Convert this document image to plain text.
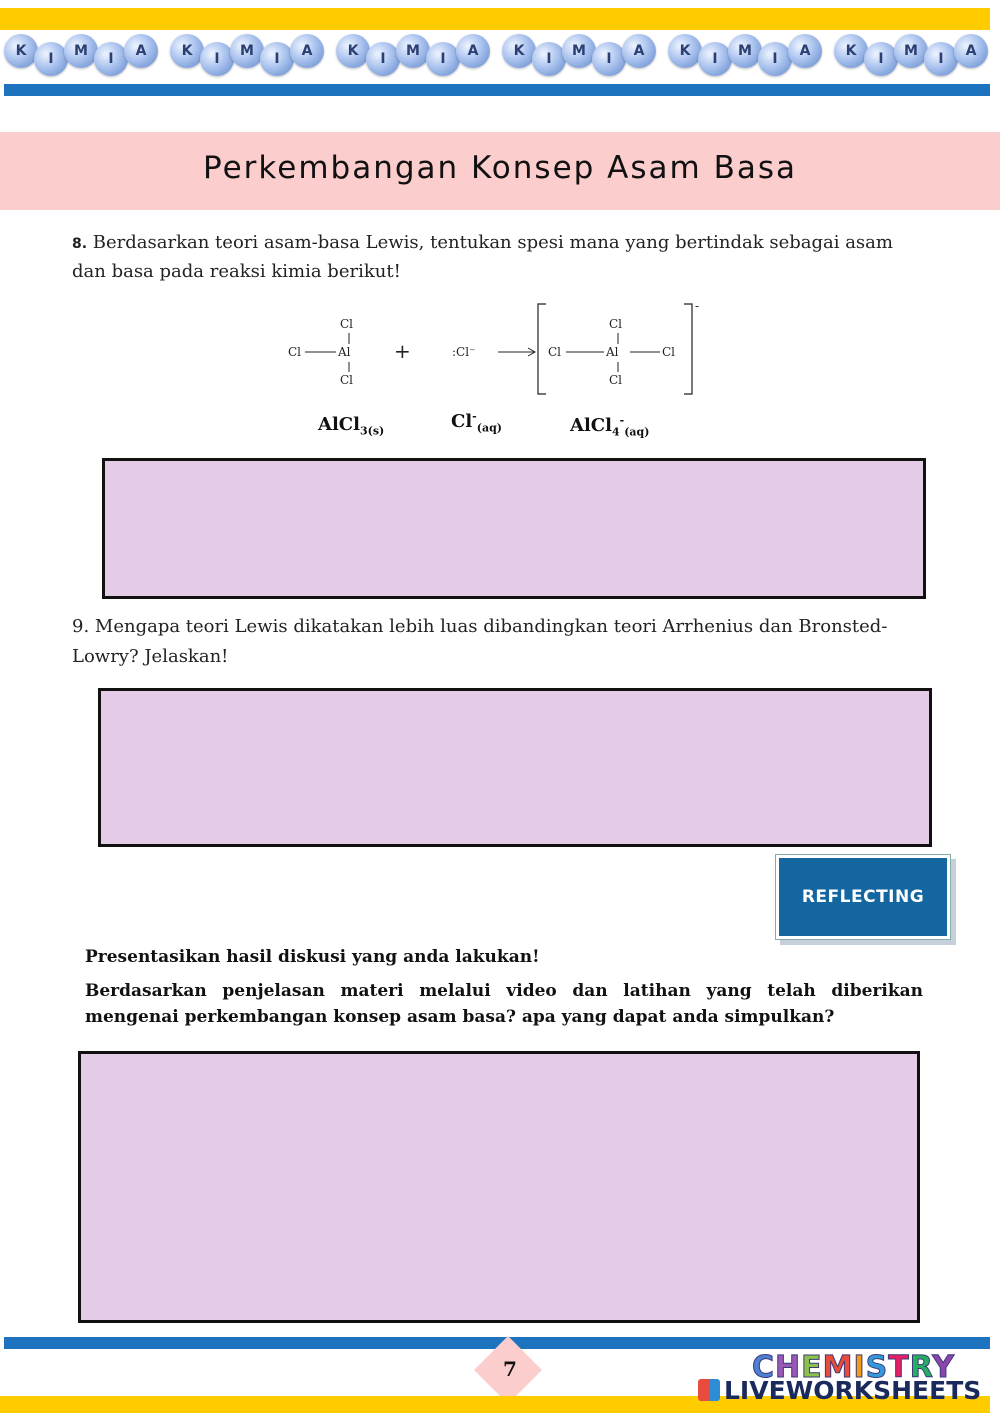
K	I	M	I	A	K	I	M	I	A	K	I	M	I	A	K	I	M	I	A	K	I	M	I	A	K	I	M	I	A
Perkembangan Konsep Asam Basa
8. Berdasarkan teori asam-basa Lewis, tentukan spesi mana yang bertindak sebagai asam dan basa pada reaksi kimia berikut!
Cl
Cl	Al
Cl
+	:Cl⁻
-
Cl
Cl	Al	Cl
Cl
AlCl$_{3(s)}$	$Cl^-_{(aq)}$	AlCl$_4$-$_{(aq)}$
9. Mengapa teori Lewis dikatakan lebih luas dibandingkan teori Arrhenius dan Bronsted-Lowry? Jelaskan!
REFLECTING
Presentasikan hasil diskusi yang anda lakukan!
Berdasarkan penjelasan materi melalui video dan latihan yang telah diberikan mengenai perkembangan konsep asam basa? apa yang dapat anda simpulkan?
7	CHEMISTRY
LIVEWORKSHEETS
